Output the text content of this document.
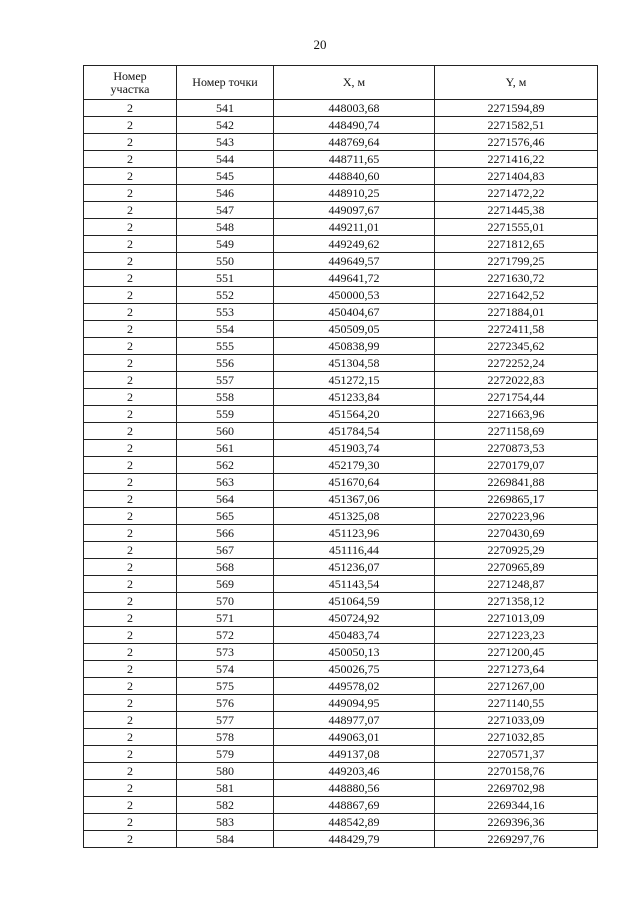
20
Номер участка	Номер точки	X, м	Y, м
2	541	448003,68	2271594,89
2	542	448490,74	2271582,51
2	543	448769,64	2271576,46
2	544	448711,65	2271416,22
2	545	448840,60	2271404,83
2	546	448910,25	2271472,22
2	547	449097,67	2271445,38
2	548	449211,01	2271555,01
2	549	449249,62	2271812,65
2	550	449649,57	2271799,25
2	551	449641,72	2271630,72
2	552	450000,53	2271642,52
2	553	450404,67	2271884,01
2	554	450509,05	2272411,58
2	555	450838,99	2272345,62
2	556	451304,58	2272252,24
2	557	451272,15	2272022,83
2	558	451233,84	2271754,44
2	559	451564,20	2271663,96
2	560	451784,54	2271158,69
2	561	451903,74	2270873,53
2	562	452179,30	2270179,07
2	563	451670,64	2269841,88
2	564	451367,06	2269865,17
2	565	451325,08	2270223,96
2	566	451123,96	2270430,69
2	567	451116,44	2270925,29
2	568	451236,07	2270965,89
2	569	451143,54	2271248,87
2	570	451064,59	2271358,12
2	571	450724,92	2271013,09
2	572	450483,74	2271223,23
2	573	450050,13	2271200,45
2	574	450026,75	2271273,64
2	575	449578,02	2271267,00
2	576	449094,95	2271140,55
2	577	448977,07	2271033,09
2	578	449063,01	2271032,85
2	579	449137,08	2270571,37
2	580	449203,46	2270158,76
2	581	448880,56	2269702,98
2	582	448867,69	2269344,16
2	583	448542,89	2269396,36
2	584	448429,79	2269297,76
